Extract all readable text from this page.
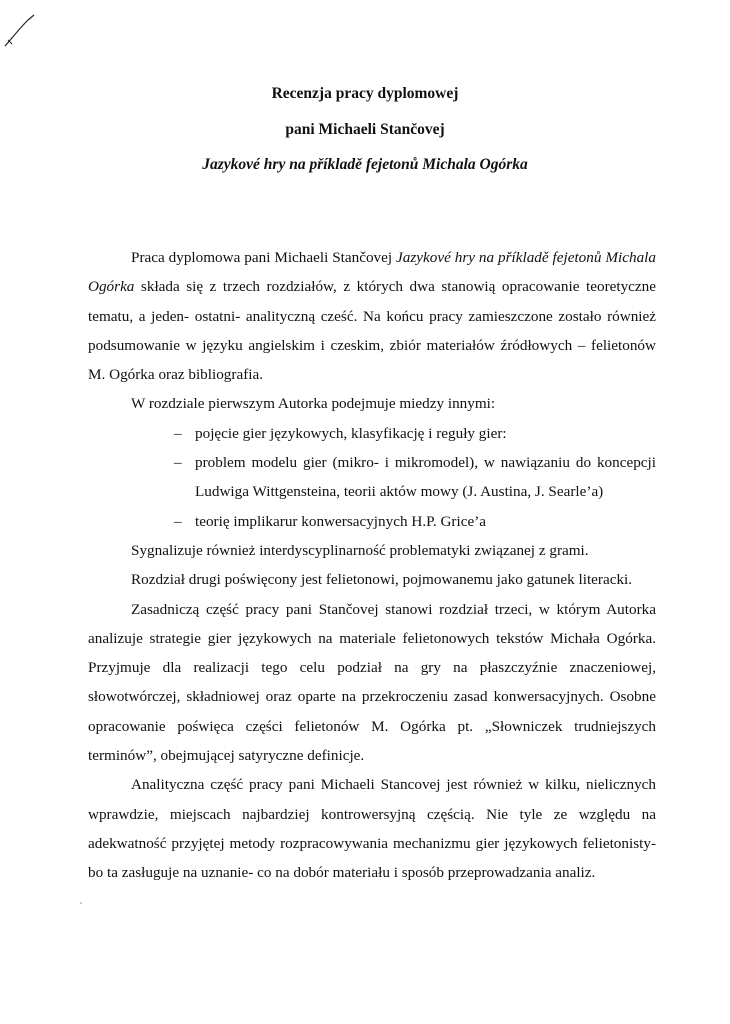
Recenzja pracy dyplomowej
pani Michaeli Stančovej
Jazykové hry na příkladě fejetonů Michala Ogórka

Praca dyplomowa pani Michaeli Stančovej Jazykové hry na příkladě fejetonů Michala Ogórka składa się z trzech rozdziałów, z których dwa stanowią opracowanie teoretyczne tematu, a jeden- ostatni- analityczną cześć. Na końcu pracy zamieszczone zostało również podsumowanie w języku angielskim i czeskim, zbiór materiałów źródłowych – felietonów M. Ogórka oraz bibliografia.

W rozdziale pierwszym Autorka podejmuje miedzy innymi:

– pojęcie gier językowych, klasyfikację i reguły gier:
– problem modelu gier (mikro- i mikromodel), w nawiązaniu do koncepcji Ludwiga Wittgensteina, teorii aktów mowy (J. Austina, J. Searle’a)
– teorię implikarur konwersacyjnych H.P. Grice’a

Sygnalizuje również interdyscyplinarność problematyki związanej z grami.

Rozdział drugi poświęcony jest felietonowi, pojmowanemu jako gatunek literacki.

Zasadniczą część pracy pani Stančovej stanowi rozdział trzeci, w którym Autorka analizuje strategie gier językowych na materiale felietonowych tekstów Michała Ogórka. Przyjmuje dla realizacji tego celu podział na gry na płaszczyźnie znaczeniowej, słowotwórczej, składniowej oraz oparte na przekroczeniu zasad konwersacyjnych. Osobne opracowanie poświęca części felietonów M. Ogórka pt. „Słowniczek trudniejszych terminów”, obejmującej satyryczne definicje.

Analityczna część pracy pani Michaeli Stancovej jest również w kilku, nielicznych wprawdzie, miejscach najbardziej kontrowersyjną częścią. Nie tyle ze względu na adekwatność przyjętej metody rozpracowywania mechanizmu gier językowych felietonisty- bo ta zasługuje na uznanie- co na dobór materiału i sposób przeprowadzania analiz.
